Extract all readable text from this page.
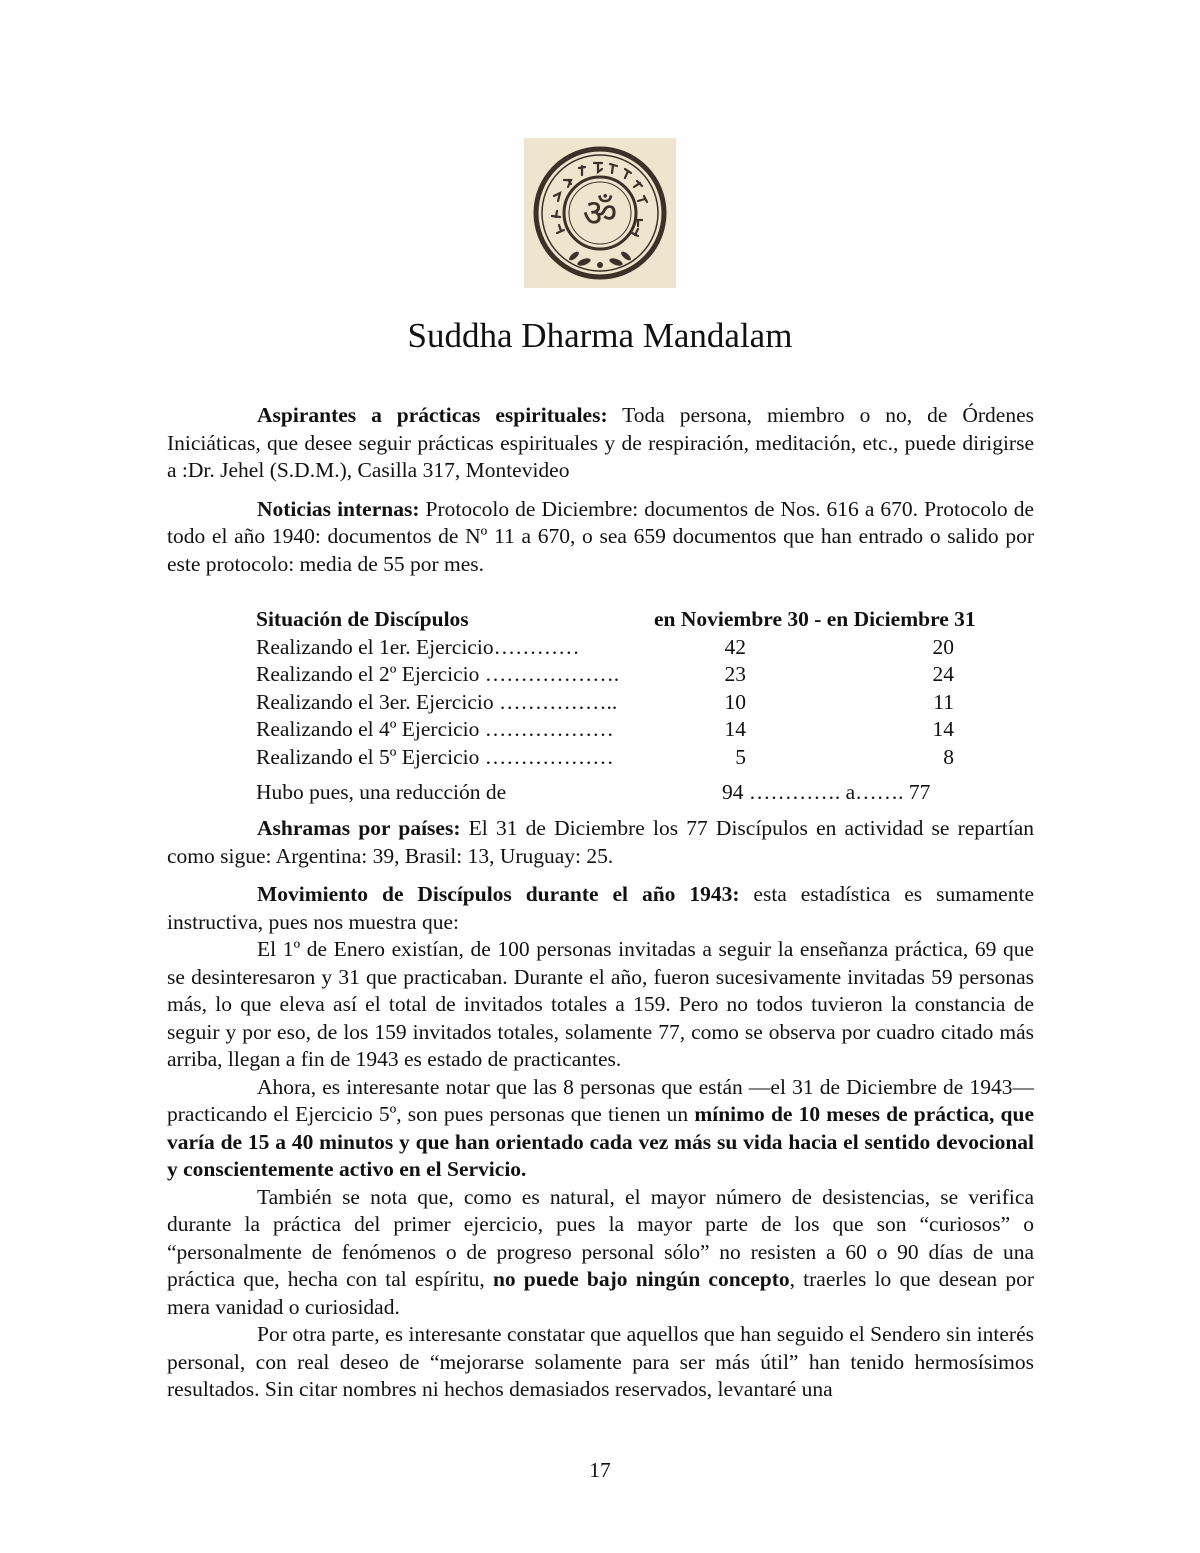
ॐ
Suddha Dharma Mandalam

Aspirantes a prácticas espirituales: Toda persona, miembro o no, de Órdenes Iniciáticas, que desee seguir prácticas espirituales y de respiración, meditación, etc., puede dirigirse a :Dr. Jehel (S.D.M.), Casilla 317, Montevideo

Noticias internas: Protocolo de Diciembre: documentos de Nos. 616 a 670. Protocolo de todo el año 1940: documentos de Nº 11 a 670, o sea 659 documentos que han entrado o salido por este protocolo: media de 55 por mes.

Situación de Discípulos	en Noviembre 30 - en Diciembre 31
Realizando el 1er. Ejercicio…………	42	20
Realizando el 2º Ejercicio ……………….	23	24
Realizando el 3er. Ejercicio ……………..	10	11
Realizando el 4º Ejercicio ………………	14	14
Realizando el 5º Ejercicio ………………	5	8
Hubo pues, una reducción de	94 …………. a……. 77

Ashramas por países: El 31 de Diciembre los 77 Discípulos en actividad se repartían como sigue: Argentina: 39, Brasil: 13, Uruguay: 25.

Movimiento de Discípulos durante el año 1943: esta estadística es sumamente instructiva, pues nos muestra que:

El 1º de Enero existían, de 100 personas invitadas a seguir la enseñanza práctica, 69 que se desinteresaron y 31 que practicaban. Durante el año, fueron sucesivamente invitadas 59 personas más, lo que eleva así el total de invitados totales a 159. Pero no todos tuvieron la constancia de seguir y por eso, de los 159 invitados totales, solamente 77, como se observa por cuadro citado más arriba, llegan a fin de 1943 es estado de practicantes.

Ahora, es interesante notar que las 8 personas que están —el 31 de Diciembre de 1943— practicando el Ejercicio 5º, son pues personas que tienen un mínimo de 10 meses de práctica, que varía de 15 a 40 minutos y que han orientado cada vez más su vida hacia el sentido devocional y conscientemente activo en el Servicio.

También se nota que, como es natural, el mayor número de desistencias, se verifica durante la práctica del primer ejercicio, pues la mayor parte de los que son “curiosos” o “personalmente de fenómenos o de progreso personal sólo” no resisten a 60 o 90 días de una práctica que, hecha con tal espíritu, no puede bajo ningún concepto, traerles lo que desean por mera vanidad o curiosidad.

Por otra parte, es interesante constatar que aquellos que han seguido el Sendero sin interés personal, con real deseo de “mejorarse solamente para ser más útil” han tenido hermosísimos resultados. Sin citar nombres ni hechos demasiados reservados, levantaré una

17
